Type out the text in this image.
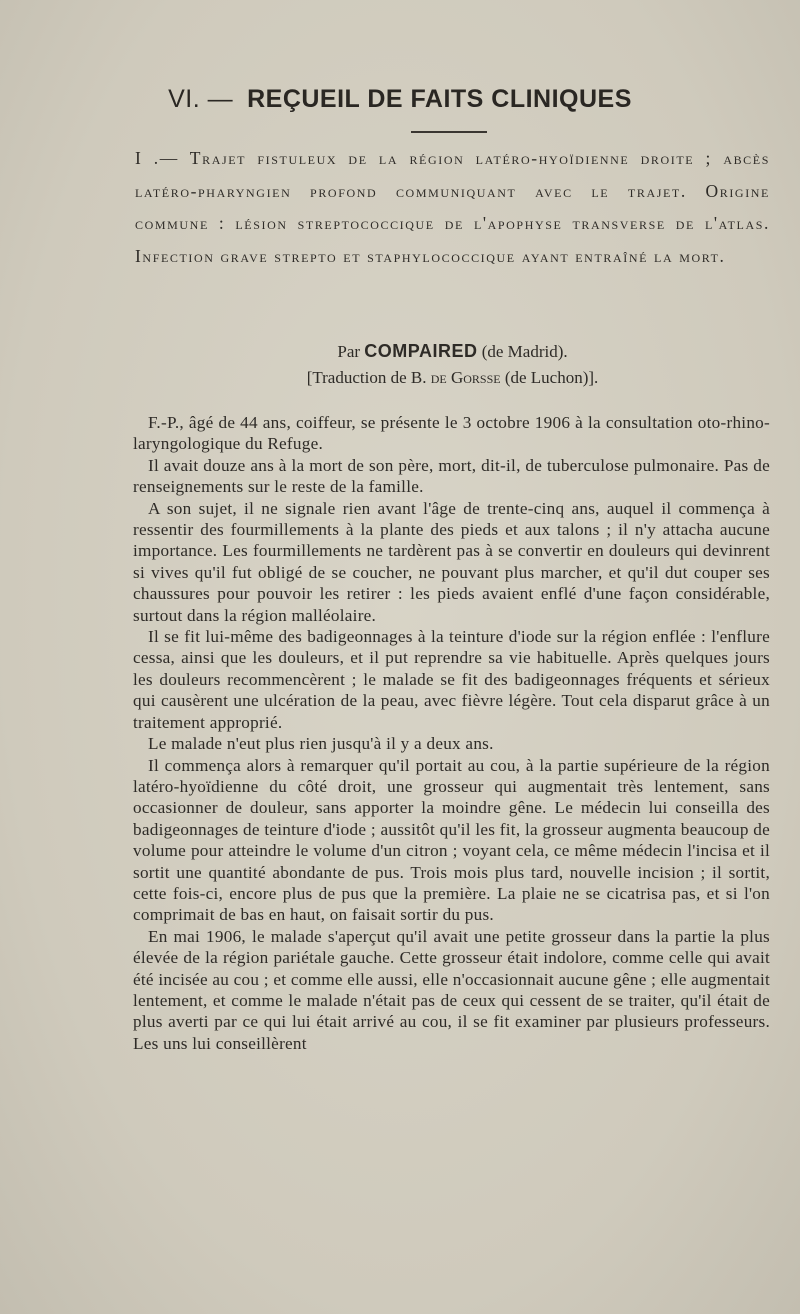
VI. — REÇUEIL DE FAITS CLINIQUES
I .— Trajet fistuleux de la région latéro-hyoïdienne droite ; abcès latéro-pharyngien profond communiquant avec le trajet. Origine commune : lésion streptococcique de l'apophyse transverse de l'atlas. Infection grave strepto et staphylococcique ayant entraîné la mort.
Par COMPAIRED (de Madrid).
[Traduction de B. de Gorsse (de Luchon)].

F.-P., âgé de 44 ans, coiffeur, se présente le 3 octobre 1906 à la consultation oto-rhino-laryngologique du Refuge.

Il avait douze ans à la mort de son père, mort, dit-il, de tuberculose pulmonaire. Pas de renseignements sur le reste de la famille.

A son sujet, il ne signale rien avant l'âge de trente-cinq ans, auquel il commença à ressentir des fourmillements à la plante des pieds et aux talons ; il n'y attacha aucune importance. Les fourmillements ne tardèrent pas à se convertir en douleurs qui devinrent si vives qu'il fut obligé de se coucher, ne pouvant plus marcher, et qu'il dut couper ses chaussures pour pouvoir les retirer : les pieds avaient enflé d'une façon considérable, surtout dans la région malléolaire.

Il se fit lui-même des badigeonnages à la teinture d'iode sur la région enflée : l'enflure cessa, ainsi que les douleurs, et il put reprendre sa vie habituelle. Après quelques jours les douleurs recommencèrent ; le malade se fit des badigeonnages fréquents et sérieux qui causèrent une ulcération de la peau, avec fièvre légère. Tout cela disparut grâce à un traitement approprié.

Le malade n'eut plus rien jusqu'à il y a deux ans.

Il commença alors à remarquer qu'il portait au cou, à la partie supérieure de la région latéro-hyoïdienne du côté droit, une grosseur qui augmentait très lentement, sans occasionner de douleur, sans apporter la moindre gêne. Le médecin lui conseilla des badigeonnages de teinture d'iode ; aussitôt qu'il les fit, la grosseur augmenta beaucoup de volume pour atteindre le volume d'un citron ; voyant cela, ce même médecin l'incisa et il sortit une quantité abondante de pus. Trois mois plus tard, nouvelle incision ; il sortit, cette fois-ci, encore plus de pus que la première. La plaie ne se cicatrisa pas, et si l'on comprimait de bas en haut, on faisait sortir du pus.

En mai 1906, le malade s'aperçut qu'il avait une petite grosseur dans la partie la plus élevée de la région pariétale gauche. Cette grosseur était indolore, comme celle qui avait été incisée au cou ; et comme elle aussi, elle n'occasionnait aucune gêne ; elle augmentait lentement, et comme le malade n'était pas de ceux qui cessent de se traiter, qu'il était de plus averti par ce qui lui était arrivé au cou, il se fit examiner par plusieurs professeurs. Les uns lui conseillèrent
